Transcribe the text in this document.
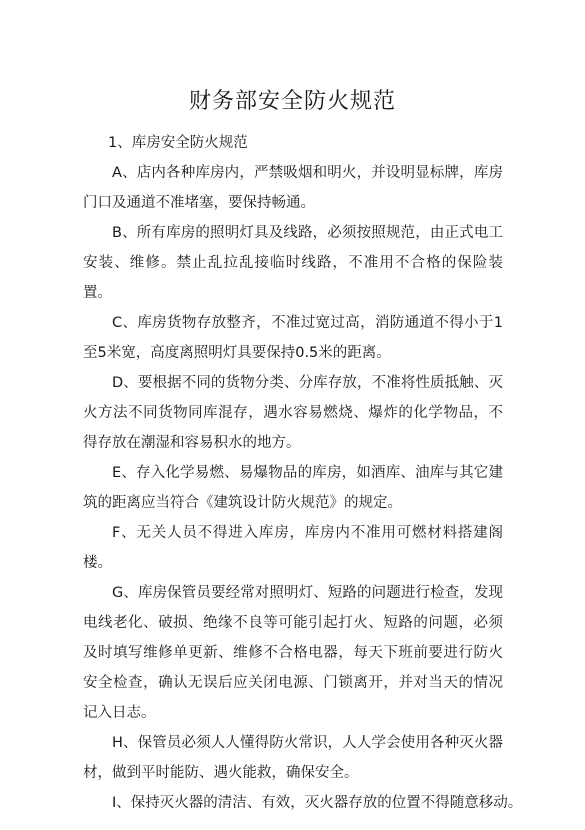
财务部安全防火规范
1、库房安全防火规范

A、店内各种库房内，严禁吸烟和明火，并设明显标牌，库房门口及通道不准堵塞，要保持畅通。

B、所有库房的照明灯具及线路，必须按照规范，由正式电工安装、维修。禁止乱拉乱接临时线路，不准用不合格的保险装置。

C、库房货物存放整齐，不准过宽过高，消防通道不得小于1至5米宽，高度离照明灯具要保持0.5米的距离。

D、要根据不同的货物分类、分库存放，不准将性质抵触、灭火方法不同货物同库混存，遇水容易燃烧、爆炸的化学物品，不得存放在潮湿和容易积水的地方。

E、存入化学易燃、易爆物品的库房，如酒库、油库与其它建筑的距离应当符合《建筑设计防火规范》的规定。

F、无关人员不得进入库房，库房内不准用可燃材料搭建阁楼。

G、库房保管员要经常对照明灯、短路的问题进行检查，发现电线老化、破损、绝缘不良等可能引起打火、短路的问题，必须及时填写维修单更新、维修不合格电器，每天下班前要进行防火安全检查，确认无误后应关闭电源、门锁离开，并对当天的情况记入日志。

H、保管员必须人人懂得防火常识，人人学会使用各种灭火器材，做到平时能防、遇火能救，确保安全。

I、保持灭火器的清洁、有效，灭火器存放的位置不得随意移动。
